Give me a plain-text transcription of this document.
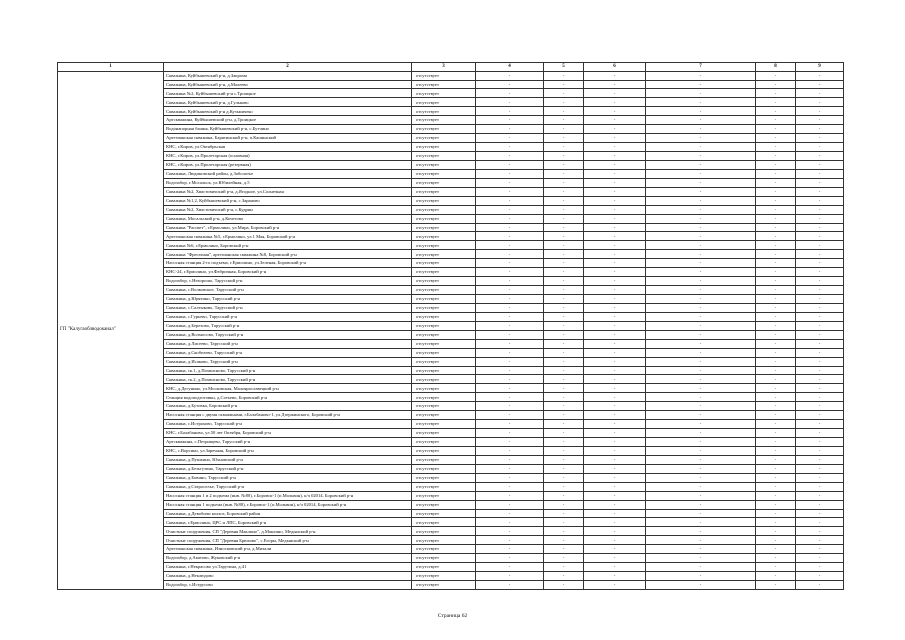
1	2	3	4	5	6	7	8	9
ГП "Калугаоблводоканал"	Скважина, Куйбышевский р-н, д.Закрома	отсутствует	-	-	-	-	-	-
	Скважина, Куйбышевский р-н, д.Малеево	отсутствует	-	-	-	-	-	-
	Скважина №2, Куйбышевский р-н с.Троицкое	отсутствует	-	-	-	-	-	-
	Скважина, Куйбышевский р-н, д.Гульково	отсутствует	-	-	-	-	-	-
	Скважина, Куйбышевский р-н д.Кузьмичеко	отсутствует	-	-	-	-	-	-
	Артскважина, Куйбышевский р-н, д.Троицкое	отсутствует	-	-	-	-	-	-
	Водонапорная башня, Куйбышевский р-н, с.Бутчино	отсутствует	-	-	-	-	-	-
	Артезианская скважина, Барятинский р-н, п.Кашинский	отсутствует	-	-	-	-	-	-
	КНС, г.Киров, ул.Октябрьская	отсутствует	-	-	-	-	-	-
	КНС, г.Киров, ул.Пролетарская (основная)	отсутствует	-	-	-	-	-	-
	КНС, г.Киров, ул.Пролетарская (резервная)	отсутствует	-	-	-	-	-	-
	Скважина, Людиновский район, д.Заболотье	отсутствует	-	-	-	-	-	-
	Водозабор, г.Мосальск, ул.Юбилейная, д.5	отсутствует	-	-	-	-	-	-
	Скважина №2, Хвастовичский р-н, д.Ягодное, ул.Солнечная	отсутствует	-	-	-	-	-	-
	Скважина №1,2, Куйбышевский р-н, с.Зараново	отсутствует	-	-	-	-	-	-
	Скважина №2, Хвастовичский р-н, с.Кудрин	отсутствует	-	-	-	-	-	-
	Скважина, Мосальский р-н, д.Кочетово	отсутствует	-	-	-	-	-	-
	Скважина "Рассвет", г.Ермолино, ул.Мира, Боровский р-н	отсутствует	-	-	-	-	-	-
	Артезианская скважина №5, г.Ермолино, ул.1 Мая, Боровский р-н	отсутствует	-	-	-	-	-	-
	Скважина №6, г.Ермолино, Боровский р-н	отсутствует	-	-	-	-	-	-
	Скважина "Фрегатная", артезианская скважина №8, Боровский р-н	отсутствует	-	-	-	-	-	-
	Насосная станция 2-го подъема, г.Ермолино, ул.Зеленая, Боровский р-н	отсутствует	-	-	-	-	-	-
	КНС-24, г.Ермолино, ул.Фабричная, Боровский р-н	отсутствует	-	-	-	-	-	-
	Водозабор, с.Нехорошо, Тарусский р-н	отсутствует	-	-	-	-	-	-
	Скважина, с.Волковское, Тарусский р-н	отсутствует	-	-	-	-	-	-
	Скважина, д.Юрятино, Тарусский р-н	отсутствует	-	-	-	-	-	-
	Скважина, с.Салтыково, Тарусский р-н	отсутствует	-	-	-	-	-	-
	Скважина, с.Гурьево, Тарусский р-н	отсутствует	-	-	-	-	-	-
	Скважина, д.Березово, Тарусский р-н	отсутствует	-	-	-	-	-	-
	Скважина, д.Волмосово, Тарусский р-н	отсутствует	-	-	-	-	-	-
	Скважина, д.Лисеево, Тарусский р-н	отсутствует	-	-	-	-	-	-
	Скважина, д.Скобелево, Тарусский р-н	отсутствует	-	-	-	-	-	-
	Скважина, д.Исаково, Тарусский р-н	отсутствует	-	-	-	-	-	-
	Скважина, ск.1, д.Похвисново, Тарусский р-н	отсутствует	-	-	-	-	-	-
	Скважина, ск.2, д.Похвисново, Тарусский р-н	отсутствует	-	-	-	-	-	-
	КНС, д.Дегунино, ул.Московская, Малоярославецкий р-н	отсутствует	-	-	-	-	-	-
	Станция водоподготовки, д.Сотьево, Боровский р-н	отсутствует	-	-	-	-	-	-
	Скважина, д.Бутовка, Боровский р-н	отсутствует	-	-	-	-	-	-
	Насосная станция с двумя скважинами, г.Балабаново-1, ул.Дзержинского, Боровский р-н	отсутствует	-	-	-	-	-	-
	Скважина, с.Истрахово, Тарусский р-н	отсутствует	-	-	-	-	-	-
	КНС, г.Балабаново, ул.50 лет Октября, Боровский р-н	отсутствует	-	-	-	-	-	-
	Артскважина, с.Петрищево, Тарусский р-н	отсутствует	-	-	-	-	-	-
	КНС, с.Ворсино, ул.Заречная, Боровский р-н	отсутствует	-	-	-	-	-	-
	Скважина, д.Пушкино, Юхновский р-н	отсутствует	-	-	-	-	-	-
	Скважина, д.Безьгузино, Тарусский р-н	отсутствует	-	-	-	-	-	-
	Скважина, д.Бовино, Тарусский р-н	отсутствует	-	-	-	-	-	-
	Скважина, д.Староселье, Тарусский р-н	отсутствует	-	-	-	-	-	-
	Насосная станция 1 и 2 подъема (инв. №80), г.Боровск-1 (п.Мольвин), к/ч 02014, Боровский р-н	отсутствует	-	-	-	-	-	-
	Насосная станция 1 подъема (инв. №80), г.Боровск-1 (п.Мольвин), к/ч 02014, Боровский р-н	отсутствует	-	-	-	-	-	-
	Скважина, д.Девобичи колхоз, Боровский район	отсутствует	-	-	-	-	-	-
	Скважина, г.Ермолино, ЦРС и ЛПС, Боровский р-н	отсутствует	-	-	-	-	-	-
	Очистные сооружения, СП "Деревня Маклино", д.Маклино, Медынский р-н	отсутствует	-	-	-	-	-	-
	Очистные сооружения, СП "Деревня Брюхово", с.Егоры, Медынский р-н	отсутствует	-	-	-	-	-	-
	Артезианская скважина, Износковский р-н, д.Михали	отсутствует	-	-	-	-	-	-
	Водозабор, д.Акатово, Жуковский р-н	отсутствует	-	-	-	-	-	-
	Скважина, г.Некрасово ул.Тарутина, д.41	отсутствует	-	-	-	-	-	-
	Скважина, д.Неклюдово	отсутствует	-	-	-	-	-	-
	Водозабор, с.Иструсово	отсутствует	-	-	-	-	-	-
Страница 62
